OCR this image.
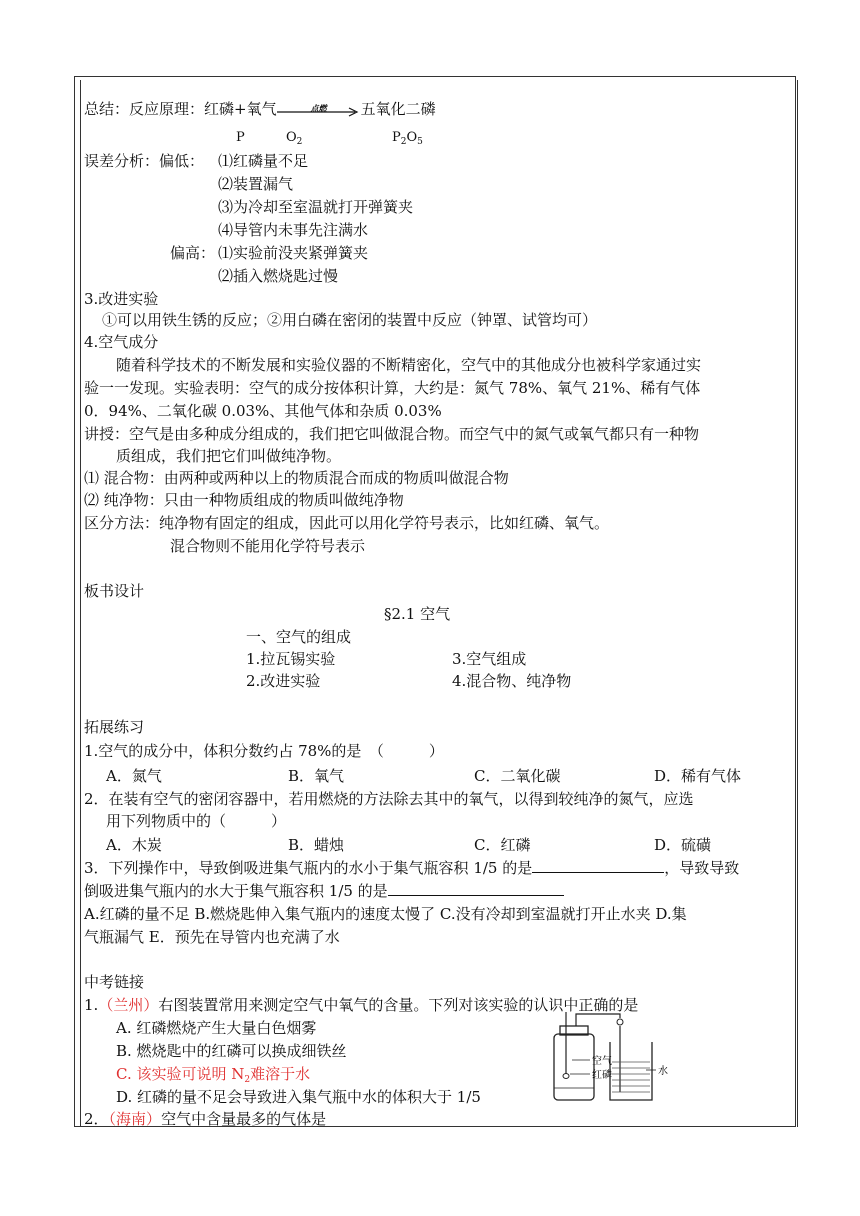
总结：反应原理：红磷+氧气	点燃	五氧化二磷
P	$O_2$	$P_2O_5$
误差分析：偏低： ⑴红磷量不足
⑵装置漏气
⑶为冷却至室温就打开弹簧夹
⑷导管内未事先注满水
偏高： ⑴实验前没夹紧弹簧夹
⑵插入燃烧匙过慢
3.改进实验
①可以用铁生锈的反应；②用白磷在密闭的装置中反应（钟罩、试管均可）
4.空气成分
随着科学技术的不断发展和实验仪器的不断精密化，空气中的其他成分也被科学家通过实
验一一发现。实验表明：空气的成分按体积计算，大约是：氮气 78%、氧气 21%、稀有气体
0．94%、二氧化碳 0.03%、其他气体和杂质 0.03%
讲授：空气是由多种成分组成的，我们把它叫做混合物。而空气中的氮气或氧气都只有一种物
质组成，我们把它们叫做纯净物。
⑴ 混合物：由两种或两种以上的物质混合而成的物质叫做混合物
⑵ 纯净物：只由一种物质组成的物质叫做纯净物
区分方法：纯净物有固定的组成，因此可以用化学符号表示，比如红磷、氧气。
混合物则不能用化学符号表示
板书设计
§2.1 空气
一、空气的组成
1.拉瓦锡实验	3.空气组成
2.改进实验	4.混合物、纯净物
拓展练习
1.空气的成分中，体积分数约占 78%的是　（　　　）
A．氮气	B．氧气	C．二氧化碳	D．稀有气体
2．在装有空气的密闭容器中，若用燃烧的方法除去其中的氧气，以得到较纯净的氮气，应选
用下列物质中的（　　　）
A．木炭	B．蜡烛	C．红磷	D．硫磺
3．下列操作中，导致倒吸进集气瓶内的水小于集气瓶容积 1/5 的是	，导致导致
倒吸进集气瓶内的水大于集气瓶容积 1/5 的是
A.红磷的量不足 B.燃烧匙伸入集气瓶内的速度太慢了 C.没有冷却到室温就打开止水夹 D.集
气瓶漏气 E．预先在导管内也充满了水
中考链接
1.（兰州）右图装置常用来测定空气中氧气的含量。下列对该实验的认识中正确的是
A. 红磷燃烧产生大量白色烟雾
B. 燃烧匙中的红磷可以换成细铁丝
C. 该实验可说明 $N_2$难溶于水
D. 红磷的量不足会导致进入集气瓶中水的体积大于 1/5
2．（海南）空气中含量最多的气体是
空气
红磷	水
